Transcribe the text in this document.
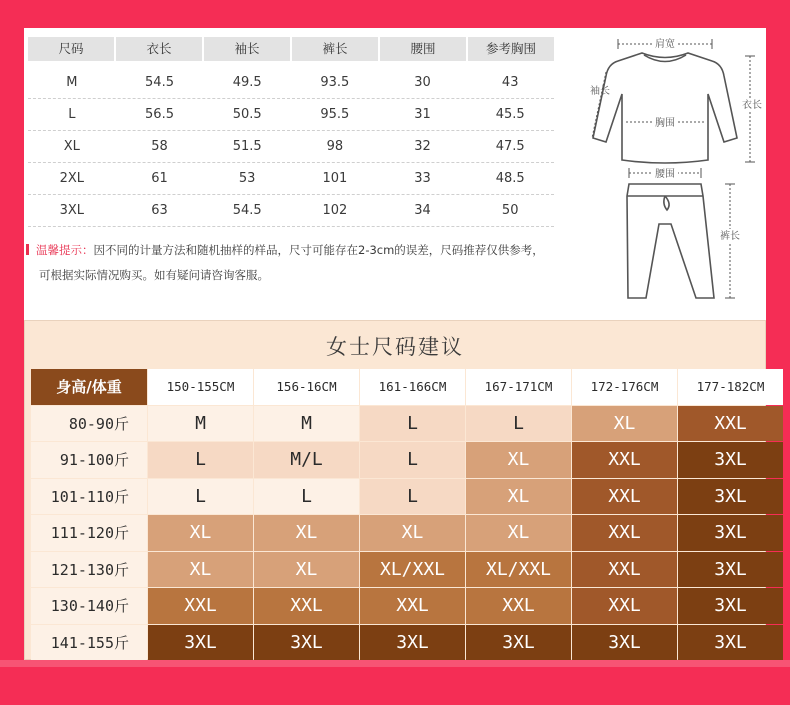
尺码	衣长	袖长	裤长	腰围	参考胸围
M	54.5	49.5	93.5	30	43
L	56.5	50.5	95.5	31	45.5
XL	58	51.5	98	32	47.5
2XL	61	53	101	33	48.5
3XL	63	54.5	102	34	50
温馨提示：因不同的计量方法和随机抽样的样品，尺寸可能存在2-3cm的误差，尺码推荐仅供参考，
可根据实际情况购买。如有疑问请咨询客服。
肩宽
袖长
胸围
衣长
腰围
裤长
女士尺码建议
身高/体重	150-155CM	156-16CM	161-166CM	167-171CM	172-176CM	177-182CM
80-90斤	M	M	L	L	XL	XXL
91-100斤	L	M/L	L	XL	XXL	3XL
101-110斤	L	L	L	XL	XXL	3XL
111-120斤	XL	XL	XL	XL	XXL	3XL
121-130斤	XL	XL	XL/XXL	XL/XXL	XXL	3XL
130-140斤	XXL	XXL	XXL	XXL	XXL	3XL
141-155斤	3XL	3XL	3XL	3XL	3XL	3XL
